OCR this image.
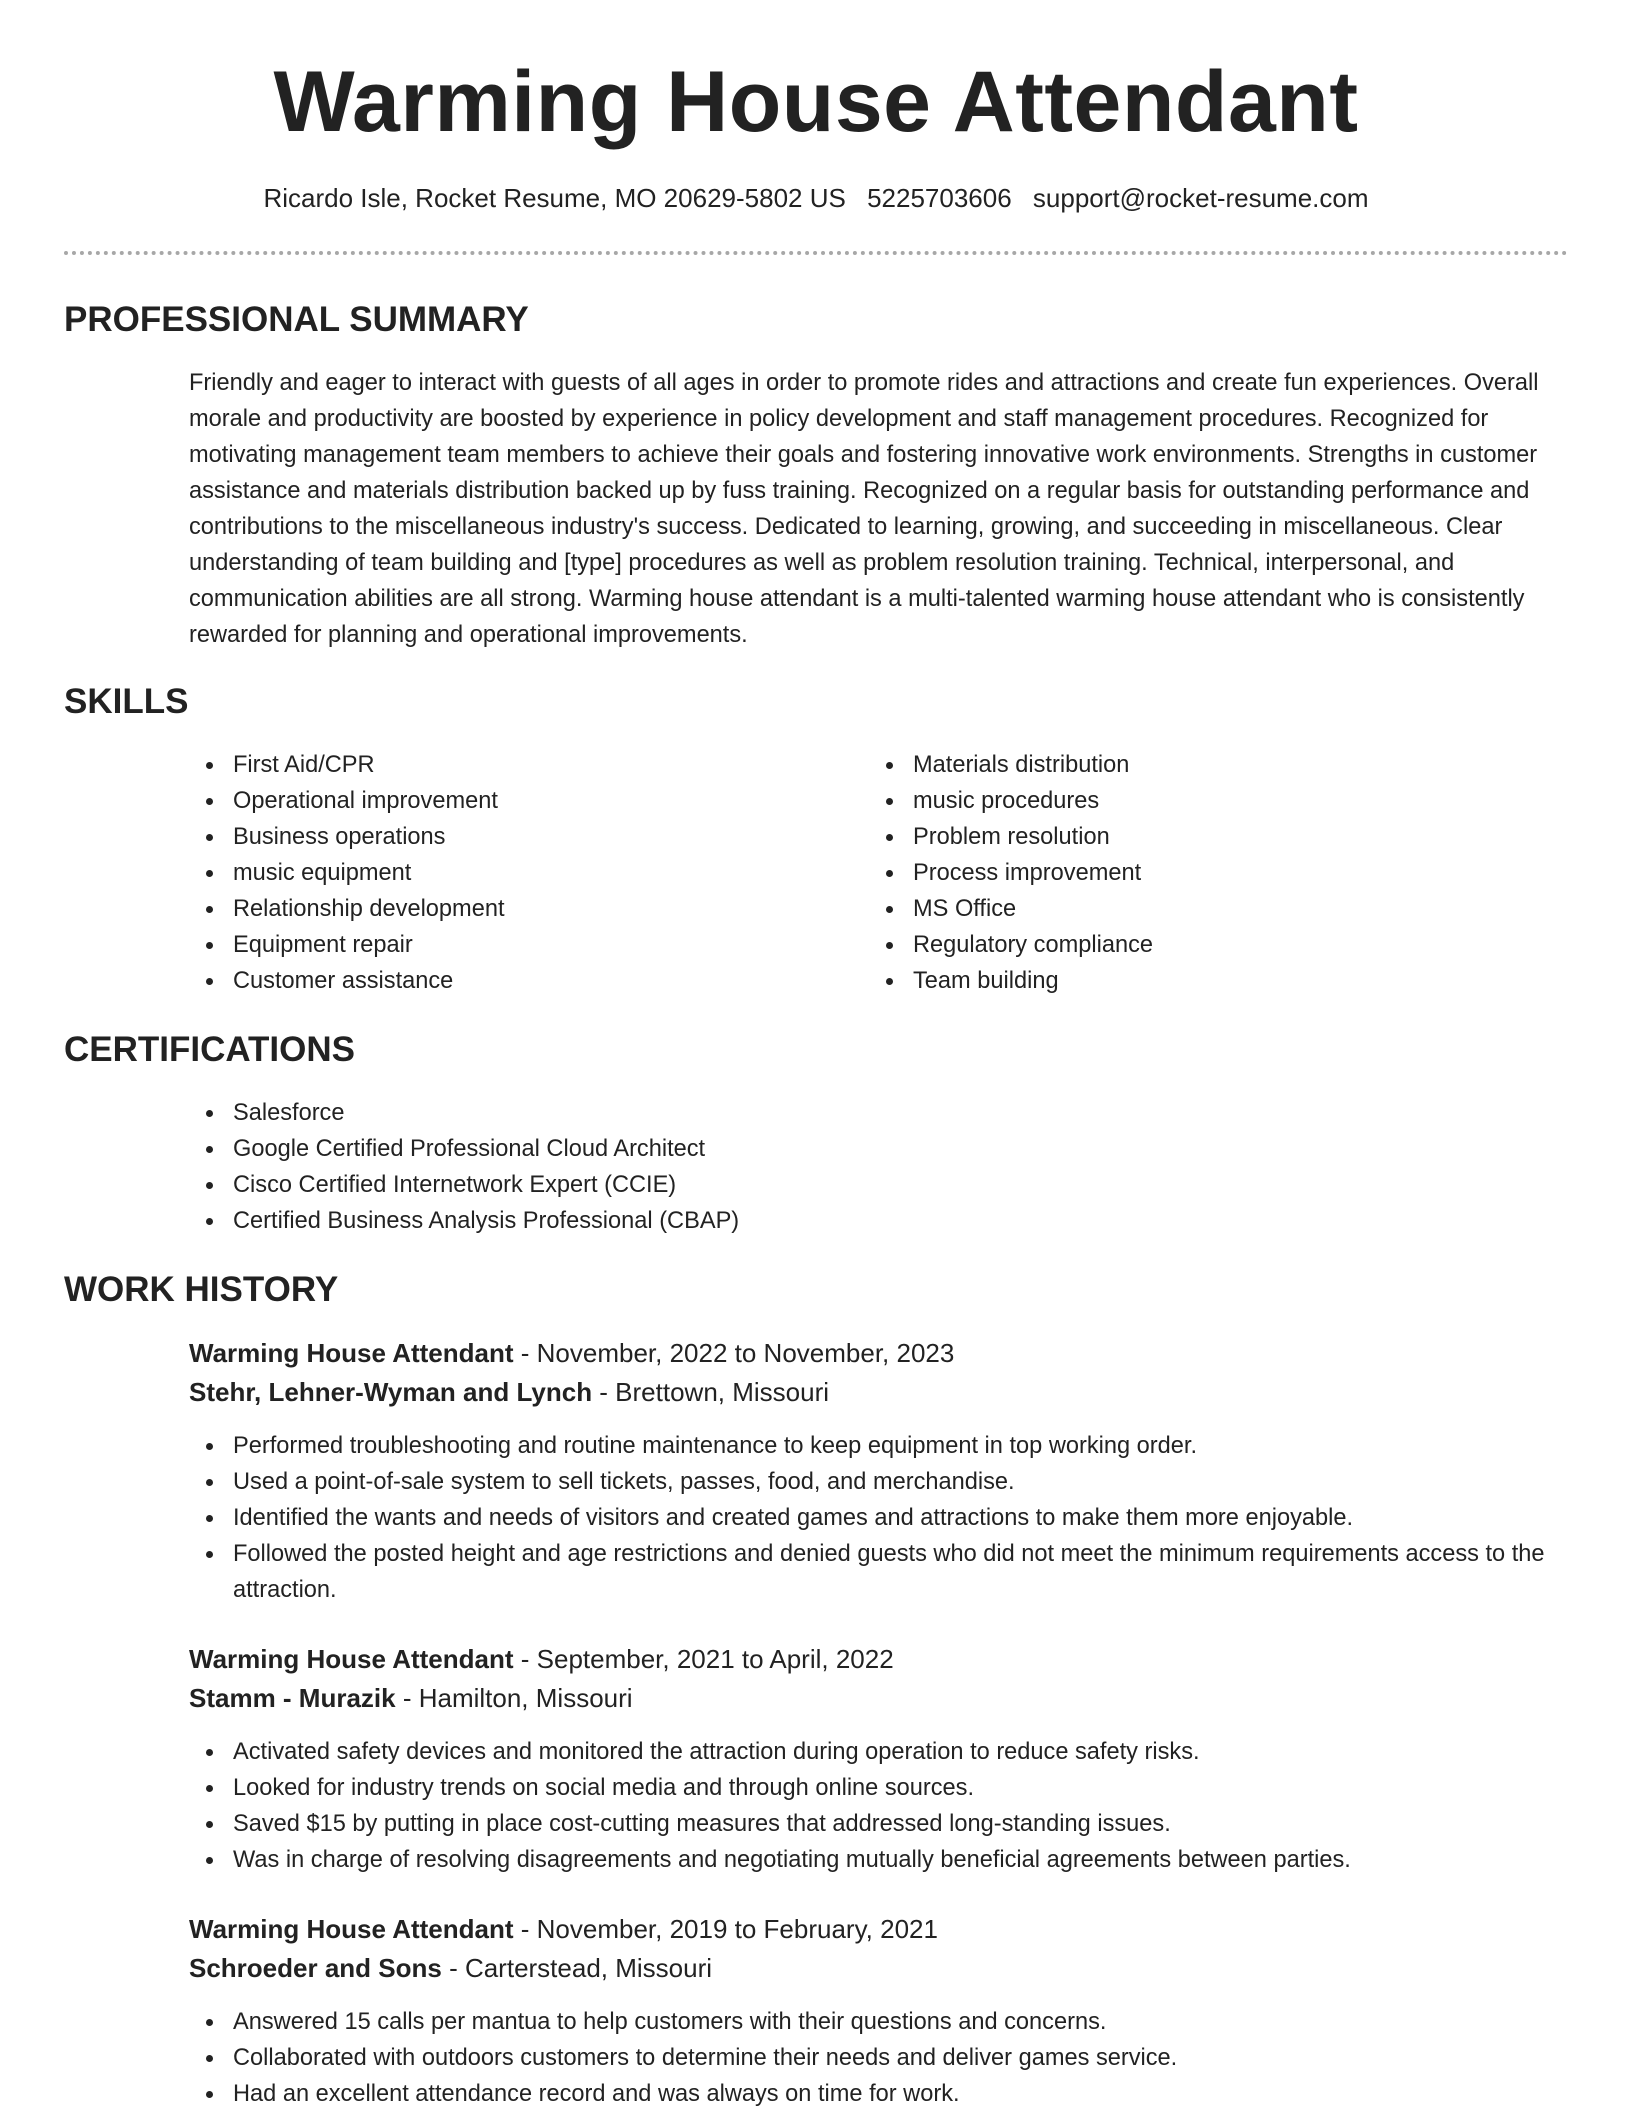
Warming House Attendant
Ricardo Isle, Rocket Resume, MO 20629-5802 US 5225703606 support@rocket-resume.com
PROFESSIONAL SUMMARY

Friendly and eager to interact with guests of all ages in order to promote rides and attractions and create fun experiences. Overall morale and productivity are boosted by experience in policy development and staff management procedures. Recognized for motivating management team members to achieve their goals and fostering innovative work environments. Strengths in customer assistance and materials distribution backed up by fuss training. Recognized on a regular basis for outstanding performance and contributions to the miscellaneous industry's success. Dedicated to learning, growing, and succeeding in miscellaneous. Clear understanding of team building and [type] procedures as well as problem resolution training. Technical, interpersonal, and communication abilities are all strong. Warming house attendant is a multi-talented warming house attendant who is consistently rewarded for planning and operational improvements.

SKILLS
First Aid/CPR
Operational improvement
Business operations
music equipment
Relationship development
Equipment repair
Customer assistance
Materials distribution
music procedures
Problem resolution
Process improvement
MS Office
Regulatory compliance
Team building
CERTIFICATIONS
Salesforce
Google Certified Professional Cloud Architect
Cisco Certified Internetwork Expert (CCIE)
Certified Business Analysis Professional (CBAP)
WORK HISTORY
Warming House Attendant - November, 2022 to November, 2023
Stehr, Lehner-Wyman and Lynch - Brettown, Missouri
Performed troubleshooting and routine maintenance to keep equipment in top working order.
Used a point-of-sale system to sell tickets, passes, food, and merchandise.
Identified the wants and needs of visitors and created games and attractions to make them more enjoyable.
Followed the posted height and age restrictions and denied guests who did not meet the minimum requirements access to the attraction.
Warming House Attendant - September, 2021 to April, 2022
Stamm - Murazik - Hamilton, Missouri
Activated safety devices and monitored the attraction during operation to reduce safety risks.
Looked for industry trends on social media and through online sources.
Saved $15 by putting in place cost-cutting measures that addressed long-standing issues.
Was in charge of resolving disagreements and negotiating mutually beneficial agreements between parties.
Warming House Attendant - November, 2019 to February, 2021
Schroeder and Sons - Carterstead, Missouri
Answered 15 calls per mantua to help customers with their questions and concerns.
Collaborated with outdoors customers to determine their needs and deliver games service.
Had an excellent attendance record and was always on time for work.
